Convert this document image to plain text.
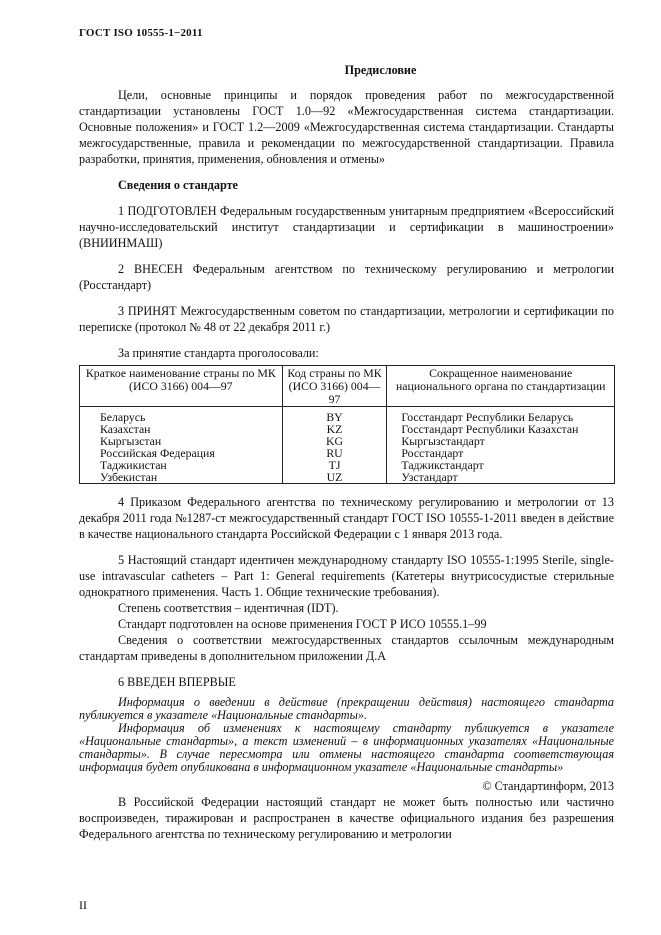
ГОСТ ISO 10555-1−2011

Предисловие

Цели, основные принципы и порядок проведения работ по межгосударственной стандартизации установлены ГОСТ 1.0—92 «Межгосударственная система стандартизации. Основные положения» и ГОСТ 1.2—2009 «Межгосударственная система стандартизации. Стандарты межгосударственные, правила и рекомендации по межгосударственной стандартизации. Правила разработки, принятия, применения, обновления и отмены»

Сведения о стандарте

1 ПОДГОТОВЛЕН Федеральным государственным унитарным предприятием «Всероссийский научно-исследовательский институт стандартизации и сертификации в машиностроении» (ВНИИНМАШ)

2 ВНЕСЕН Федеральным агентством по техническому регулированию и метрологии (Росстандарт)

3 ПРИНЯТ Межгосударственным советом по стандартизации, метрологии и сертификации по переписке (протокол № 48 от 22 декабря 2011 г.)

За принятие стандарта проголосовали:

Краткое наименование страны по МК (ИСО 3166) 004—97	Код страны по МК (ИСО 3166) 004—97	Сокращенное наименование национального органа по стандартизации
Беларусь	BY	Госстандарт Республики Беларусь
Казахстан	KZ	Госстандарт Республики Казахстан
Кыргызстан	KG	Кыргызстандарт
Российская Федерация	RU	Росстандарт
Таджикистан	TJ	Таджикстандарт
Узбекистан	UZ	Узстандарт

4 Приказом Федерального агентства по техническому регулированию и метрологии от 13 декабря 2011 года №1287-ст межгосударственный стандарт ГОСТ ISO 10555-1-2011 введен в действие в качестве национального стандарта Российской Федерации с 1 января 2013 года.

5 Настоящий стандарт идентичен международному стандарту ISO 10555-1:1995 Sterile, single-use intravascular catheters – Part 1: General requirements (Катетеры внутрисосудистые стерильные однократного применения. Часть 1. Общие технические требования).

Степень соответствия – идентичная (IDT).

Стандарт подготовлен на основе применения ГОСТ Р ИСО 10555.1–99

Сведения о соответствии межгосударственных стандартов ссылочным международным стандартам приведены в дополнительном приложении Д.А

6 ВВЕДЕН ВПЕРВЫЕ

Информация о введении в действие (прекращении действия) настоящего стандарта публикуется в указателе «Национальные стандарты».

Информация об изменениях к настоящему стандарту публикуется в указателе «Национальные стандарты», а текст изменений – в информационных указателях «Национальные стандарты». В случае пересмотра или отмены настоящего стандарта соответствующая информация будет опубликована в информационном указателе «Национальные стандарты»

© Стандартинформ, 2013

В Российской Федерации настоящий стандарт не может быть полностью или частично воспроизведен, тиражирован и распространен в качестве официального издания без разрешения Федерального агентства по техническому регулированию и метрологии

II
